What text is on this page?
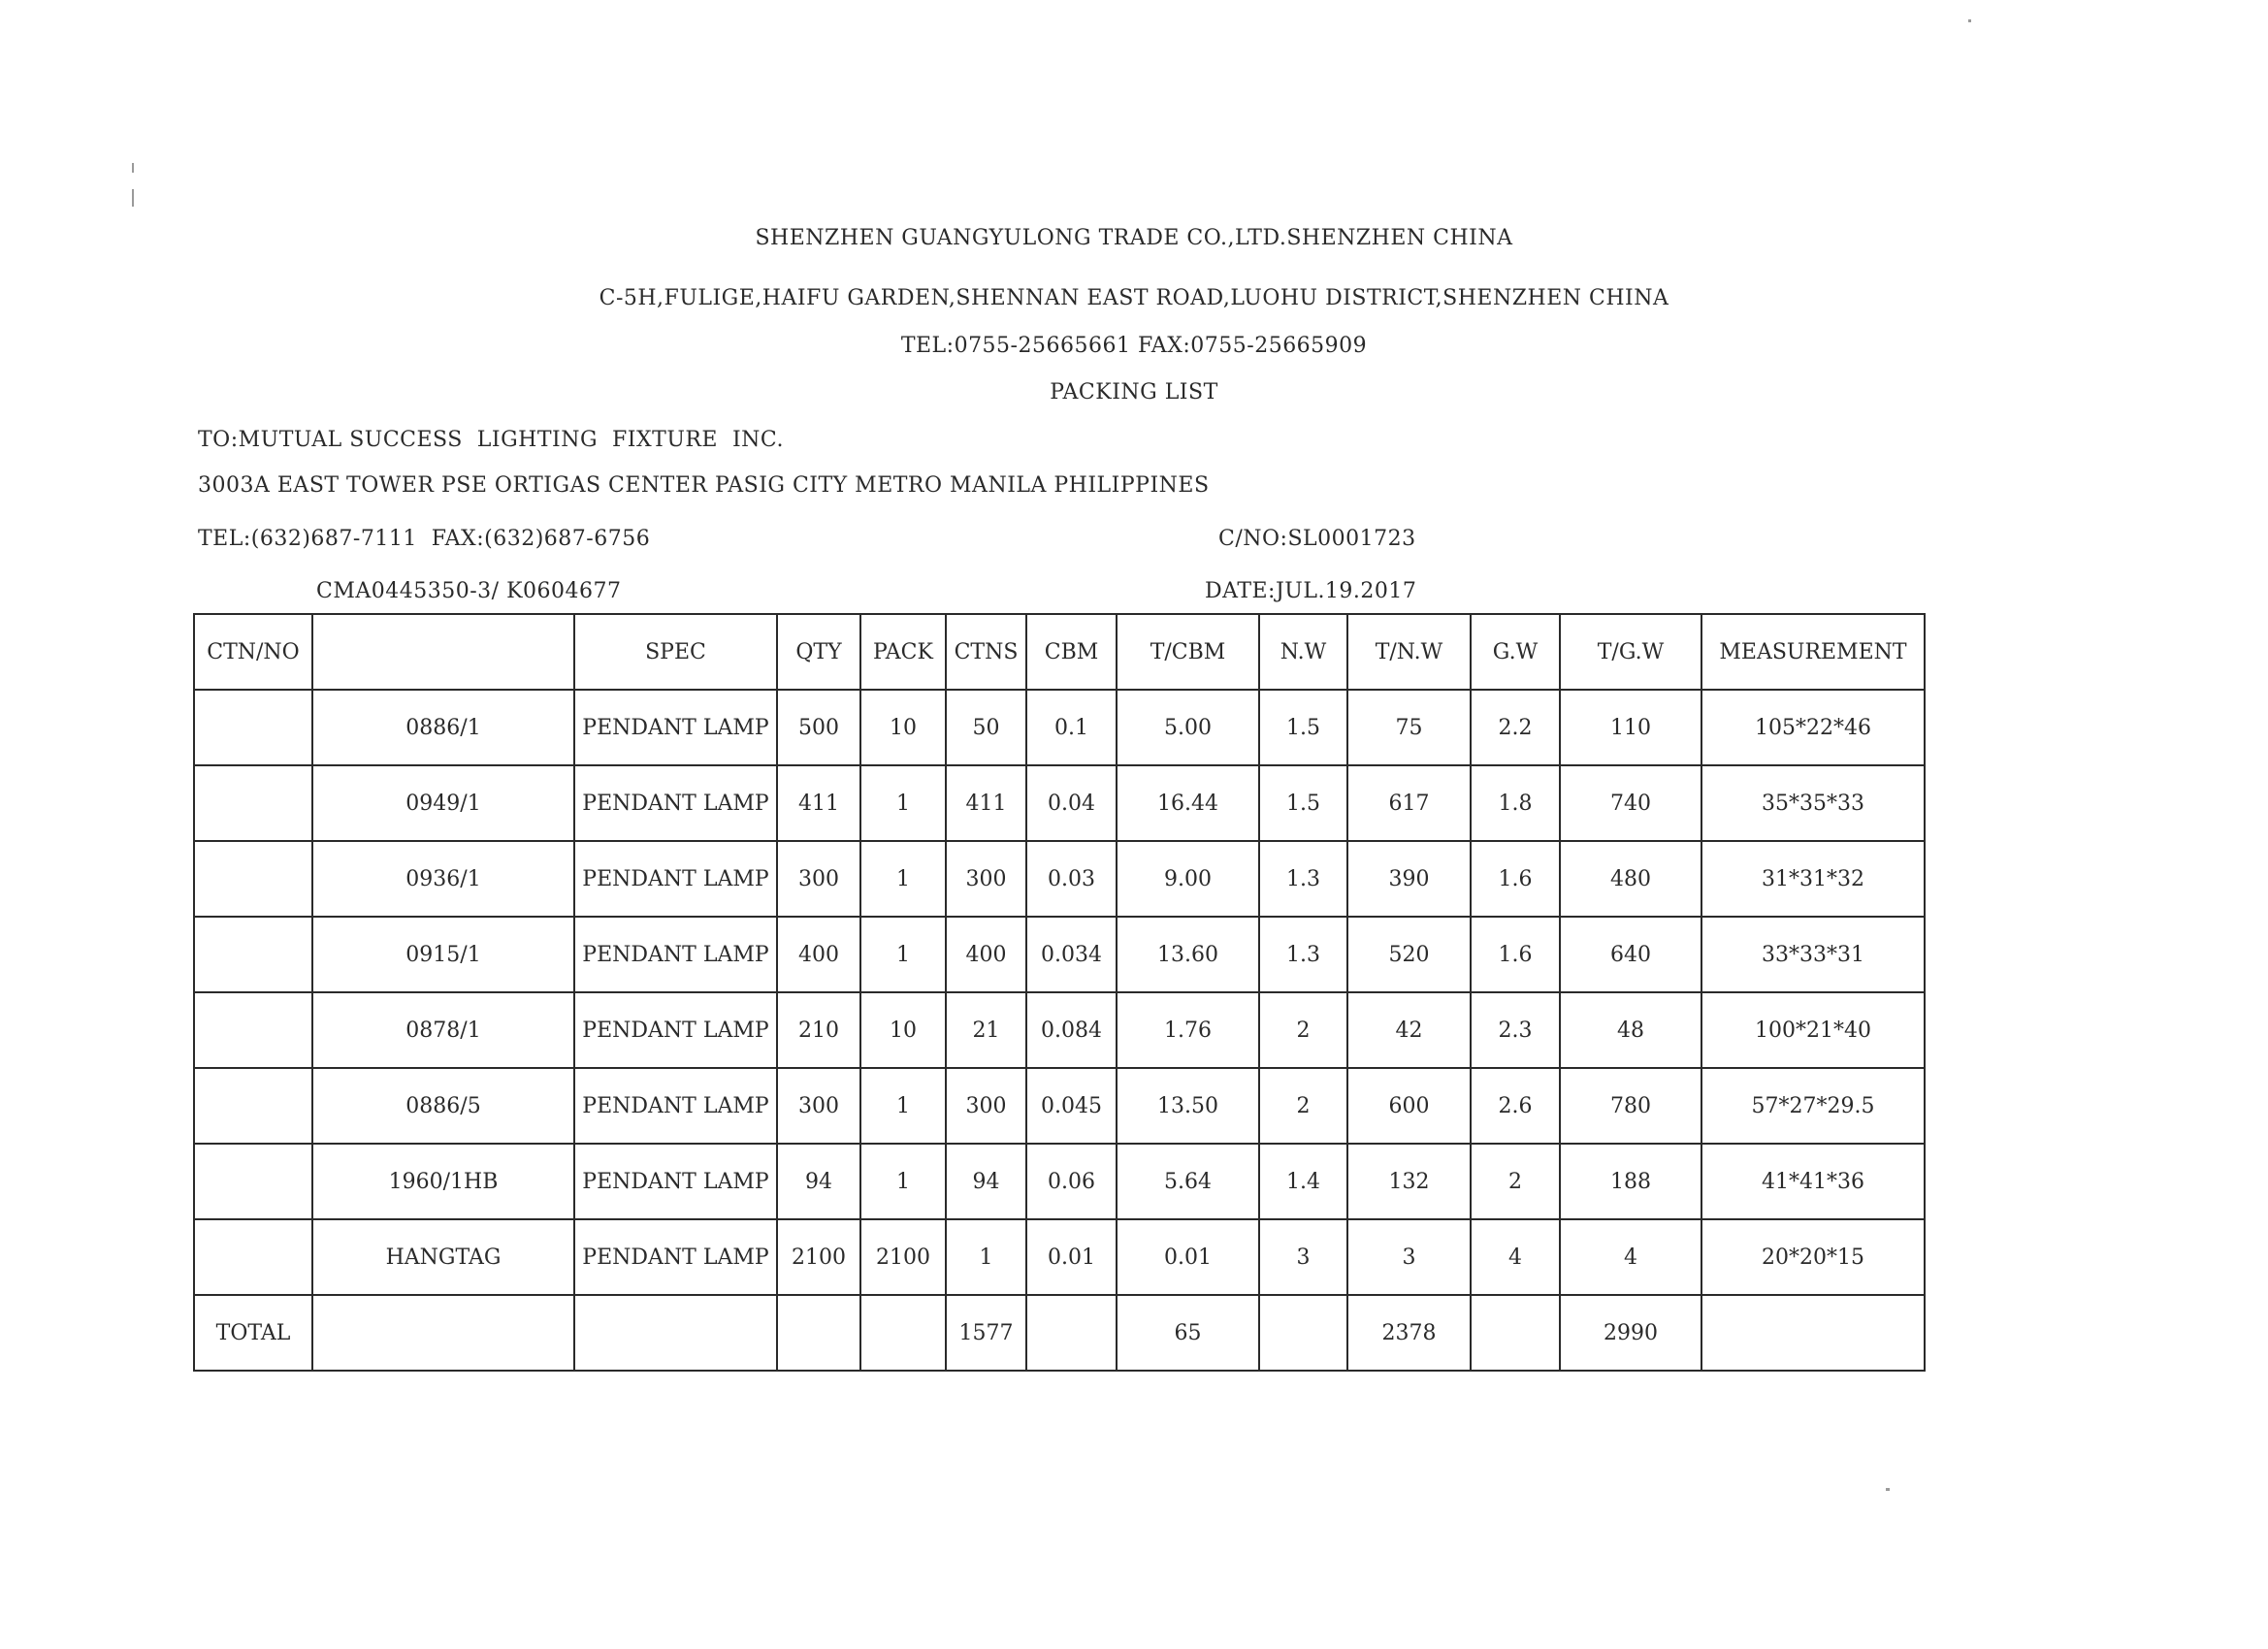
SHENZHEN GUANGYULONG TRADE CO.,LTD.SHENZHEN CHINA
C-5H,FULIGE,HAIFU GARDEN,SHENNAN EAST ROAD,LUOHU DISTRICT,SHENZHEN CHINA
TEL:0755-25665661 FAX:0755-25665909
PACKING LIST
TO:MUTUAL SUCCESS  LIGHTING  FIXTURE  INC.
3003A EAST TOWER PSE ORTIGAS CENTER PASIG CITY METRO MANILA PHILIPPINES
TEL:(632)687-7111  FAX:(632)687-6756	C/NO:SL0001723
CMA0445350-3/ K0604677	DATE:JUL.19.2017
CTN/NO		SPEC	QTY	PACK	CTNS	CBM	T/CBM	N.W	T/N.W	G.W	T/G.W	MEASUREMENT
	0886/1	PENDANT LAMP	500	10	50	0.1	5.00	1.5	75	2.2	110	105*22*46
	0949/1	PENDANT LAMP	411	1	411	0.04	16.44	1.5	617	1.8	740	35*35*33
	0936/1	PENDANT LAMP	300	1	300	0.03	9.00	1.3	390	1.6	480	31*31*32
	0915/1	PENDANT LAMP	400	1	400	0.034	13.60	1.3	520	1.6	640	33*33*31
	0878/1	PENDANT LAMP	210	10	21	0.084	1.76	2	42	2.3	48	100*21*40
	0886/5	PENDANT LAMP	300	1	300	0.045	13.50	2	600	2.6	780	57*27*29.5
	1960/1HB	PENDANT LAMP	94	1	94	0.06	5.64	1.4	132	2	188	41*41*36
	HANGTAG	PENDANT LAMP	2100	2100	1	0.01	0.01	3	3	4	4	20*20*15
TOTAL					1577		65		2378		2990	
